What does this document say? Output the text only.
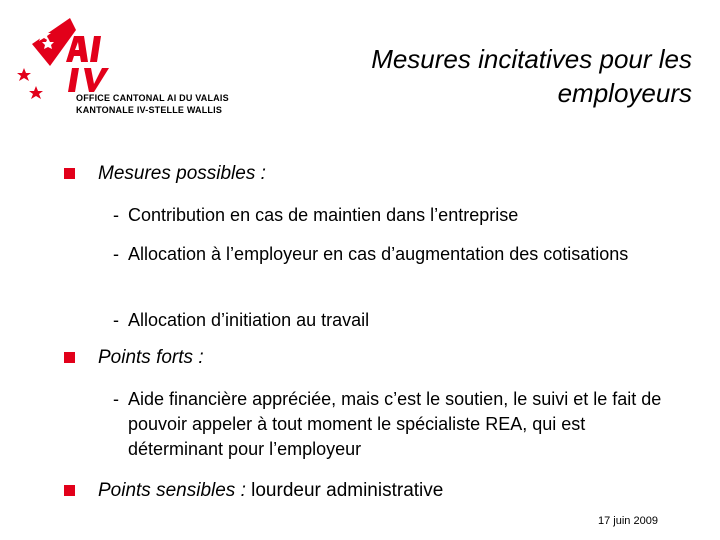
OFFICE CANTONAL AI DU VALAIS
KANTONALE IV-STELLE WALLIS
Mesures incitatives pour les
employeurs
Mesures possibles :
- Contribution en cas de maintien dans l’entreprise
- Allocation à l’employeur en cas d’augmentation des cotisations
- Allocation d’initiation au travail
Points forts :
- Aide financière appréciée, mais c’est le soutien, le suivi et le fait de pouvoir appeler à tout moment le spécialiste REA, qui est déterminant pour l’employeur
Points sensibles : lourdeur administrative
17 juin 2009
